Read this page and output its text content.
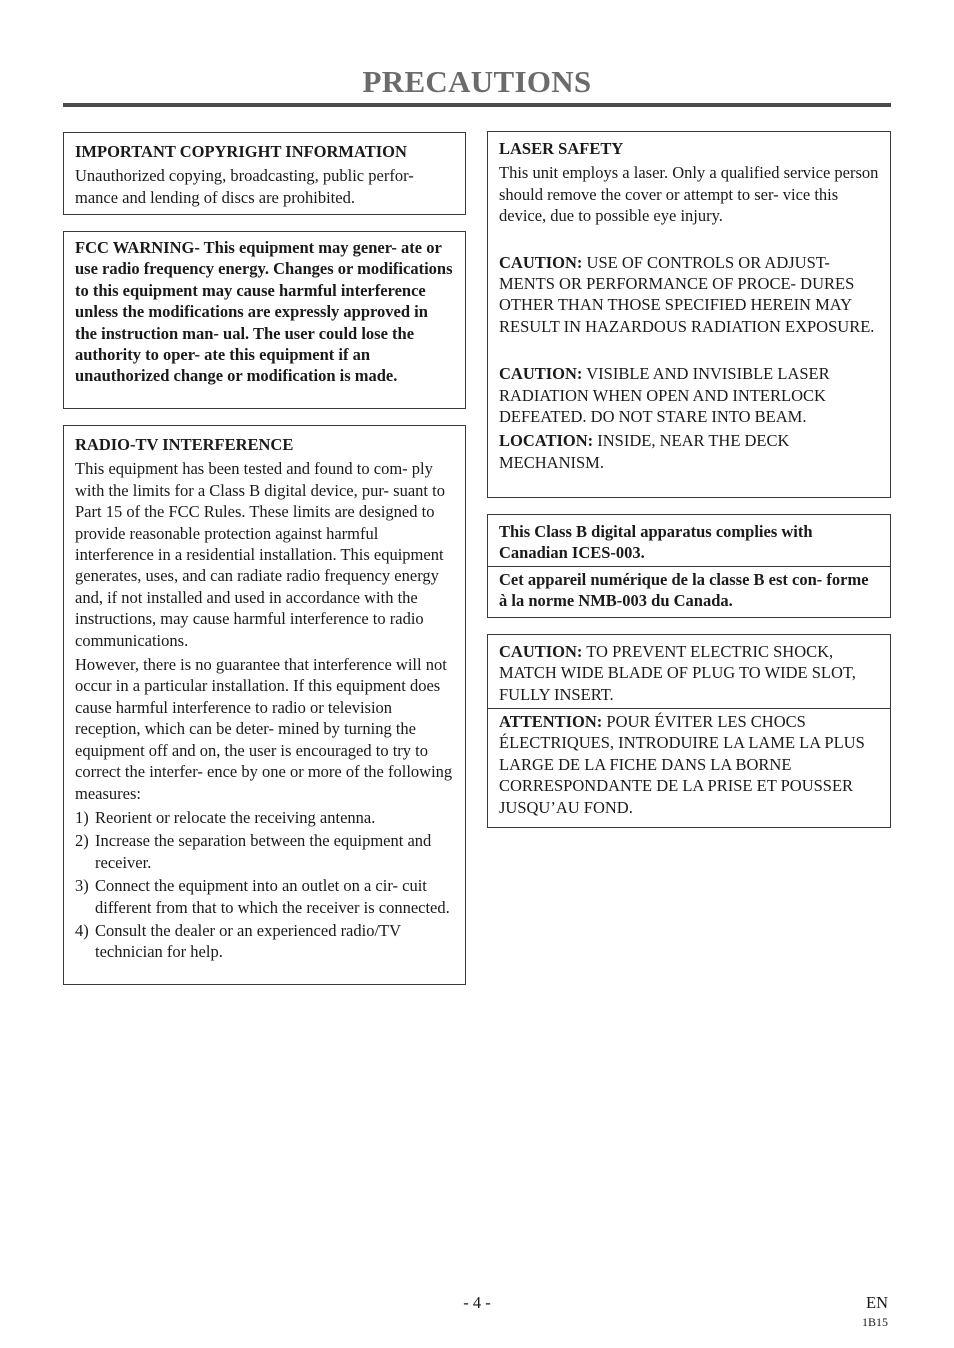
PRECAUTIONS

IMPORTANT COPYRIGHT INFORMATION

Unauthorized copying, broadcasting, public perfor- mance and lending of discs are prohibited.

FCC WARNING- This equipment may gener- ate or use radio frequency energy. Changes or modifications to this equipment may cause harmful interference unless the modifications are expressly approved in the instruction man- ual. The user could lose the authority to oper- ate this equipment if an unauthorized change or modification is made.

RADIO-TV INTERFERENCE

This equipment has been tested and found to com- ply with the limits for a Class B digital device, pur- suant to Part 15 of the FCC Rules. These limits are designed to provide reasonable protection against harmful interference in a residential installation. This equipment generates, uses, and can radiate radio frequency energy and, if not installed and used in accordance with the instructions, may cause harmful interference to radio communications.

However, there is no guarantee that interference will not occur in a particular installation. If this equipment does cause harmful interference to radio or television reception, which can be deter- mined by turning the equipment off and on, the user is encouraged to try to correct the interfer- ence by one or more of the following measures:

1) Reorient or relocate the receiving antenna.
2) Increase the separation between the equipment and receiver.
3) Connect the equipment into an outlet on a cir- cuit different from that to which the receiver is connected.
4) Consult the dealer or an experienced radio/TV technician for help.

LASER SAFETY

This unit employs a laser. Only a qualified service person should remove the cover or attempt to ser- vice this device, due to possible eye injury.

CAUTION: USE OF CONTROLS OR ADJUST- MENTS OR PERFORMANCE OF PROCE- DURES OTHER THAN THOSE SPECIFIED HEREIN MAY RESULT IN HAZARDOUS RADIATION EXPOSURE.

CAUTION: VISIBLE AND INVISIBLE LASER RADIATION WHEN OPEN AND INTERLOCK DEFEATED. DO NOT STARE INTO BEAM.

LOCATION: INSIDE, NEAR THE DECK MECHANISM.

This Class B digital apparatus complies with Canadian ICES-003.

Cet appareil numérique de la classe B est con- forme à la norme NMB-003 du Canada.

CAUTION: TO PREVENT ELECTRIC SHOCK, MATCH WIDE BLADE OF PLUG TO WIDE SLOT, FULLY INSERT.

ATTENTION: POUR ÉVITER LES CHOCS ÉLECTRIQUES, INTRODUIRE LA LAME LA PLUS LARGE DE LA FICHE DANS LA BORNE CORRESPONDANTE DE LA PRISE ET POUSSER JUSQU’AU FOND.

- 4 -	EN
1B15
